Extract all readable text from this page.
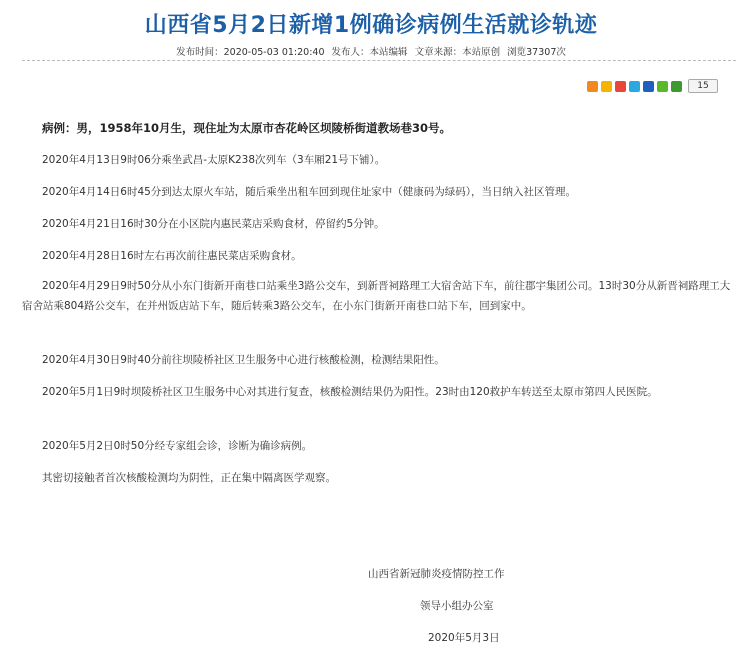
山西省5月2日新增1例确诊病例生活就诊轨迹
发布时间：2020-05-03 01:20:40 发布人：本站编辑 文章来源：本站原创 浏览37307次
15

病例：男，1958年10月生，现住址为太原市杏花岭区坝陵桥街道教场巷30号。

2020年4月13日9时06分乘坐武昌-太原K238次列车（3车厢21号下铺）。

2020年4月14日6时45分到达太原火车站，随后乘坐出租车回到现住址家中（健康码为绿码），当日纳入社区管理。

2020年4月21日16时30分在小区院内惠民菜店采购食材，停留约5分钟。

2020年4月28日16时左右再次前往惠民菜店采购食材。

2020年4月29日9时50分从小东门街新开南巷口站乘坐3路公交车，到新晋祠路理工大宿舍站下车，前往郡宇集团公司。13时30分从新晋祠路理工大宿舍站乘804路公交车，在并州饭店站下车，随后转乘3路公交车，在小东门街新开南巷口站下车，回到家中。

2020年4月30日9时40分前往坝陵桥社区卫生服务中心进行核酸检测，检测结果阳性。

2020年5月1日9时坝陵桥社区卫生服务中心对其进行复查，核酸检测结果仍为阳性。23时由120救护车转送至太原市第四人民医院。

2020年5月2日0时50分经专家组会诊，诊断为确诊病例。

其密切接触者首次核酸检测均为阴性，正在集中隔离医学观察。

山西省新冠肺炎疫情防控工作
领导小组办公室
2020年5月3日
